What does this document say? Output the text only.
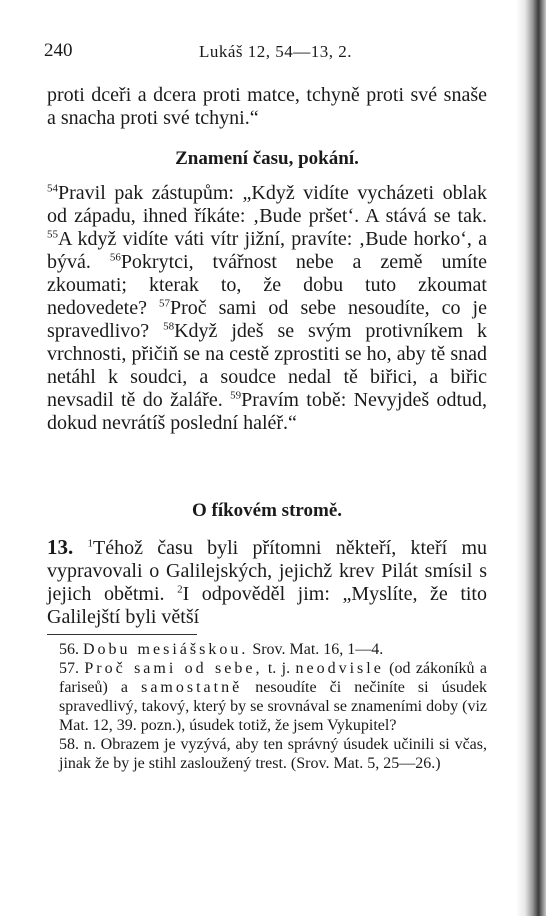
240	Lukáš 12, 54—13, 2.

proti dceři a dcera proti matce, tchyně proti své snaše a snacha proti své tchyni.“

Znamení času, pokání.

$^{54}$Pravil pak zástupům: „Když vidíte vycházeti oblak od západu, ihned říkáte: ‚Bude pršet‘. A stává se tak. $^{55}$A když vidíte váti vítr jižní, pravíte: ‚Bude horko‘, a bývá. $^{56}$Pokrytci, tvářnost nebe a země umíte zkoumati; kterak to, že dobu tuto zkoumat nedovedete? $^{57}$Proč sami od sebe nesoudíte, co je spravedlivo? $^{58}$Když jdeš se svým protivníkem k vrchnosti, přičiň se na cestě zprostiti se ho, aby tě snad netáhl k soudci, a soudce nedal tě biřici, a biřic nevsadil tě do žaláře. $^{59}$Pravím tobě: Nevyjdeš odtud, dokud nevrátíš poslední haléř.“

O fíkovém stromě.

13. $^1$Téhož času byli přítomni někteří, kteří mu vypravovali o Galilejských, jejichž krev Pilát smísil s jejich obětmi. $^2$I odpověděl jim: „Myslíte, že tito Galilejští byli větší

56. Dobu mesiášskou. Srov. Mat. 16, 1—4.

57. Proč sami od sebe, t. j. neodvisle (od zákoníků a fariseů) a samostatně nesoudíte či nečiníte si úsudek spravedlivý, takový, který by se srovnával se znameními doby (viz Mat. 12, 39. pozn.), úsudek totiž, že jsem Vykupitel?

58. n. Obrazem je vyzývá, aby ten správný úsudek učinili si včas, jinak že by je stihl zasloužený trest. (Srov. Mat. 5, 25—26.)
